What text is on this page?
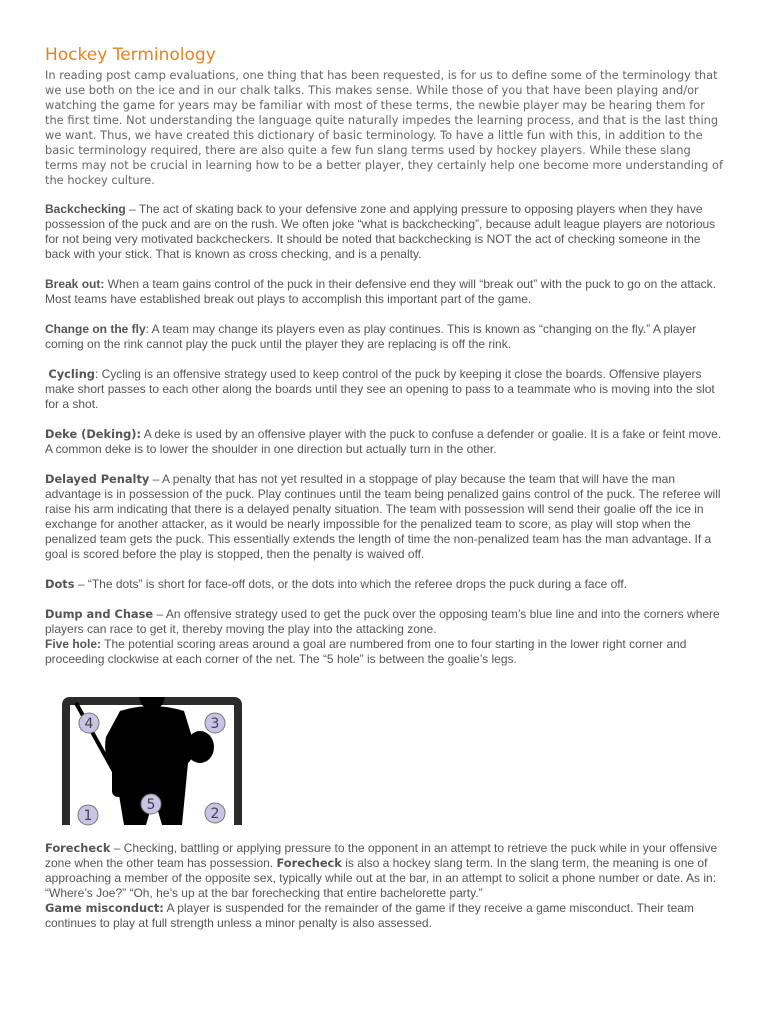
Hockey Terminology

In reading post camp evaluations, one thing that has been requested, is for us to define some of the terminology that we use both on the ice and in our chalk talks. This makes sense. While those of you that have been playing and/or watching the game for years may be familiar with most of these terms, the newbie player may be hearing them for the first time. Not understanding the language quite naturally impedes the learning process, and that is the last thing we want. Thus, we have created this dictionary of basic terminology. To have a little fun with this, in addition to the basic terminology required, there are also quite a few fun slang terms used by hockey players. While these slang terms may not be crucial in learning how to be a better player, they certainly help one become more understanding of the hockey culture.

Backchecking – The act of skating back to your defensive zone and applying pressure to opposing players when they have possession of the puck and are on the rush. We often joke “what is backchecking”, because adult league players are notorious for not being very motivated backcheckers. It should be noted that backchecking is NOT the act of checking someone in the back with your stick. That is known as cross checking, and is a penalty.

Break out: When a team gains control of the puck in their defensive end they will “break out” with the puck to go on the attack. Most teams have established break out plays to accomplish this important part of the game.

Change on the fly: A team may change its players even as play continues. This is known as “changing on the fly.” A player coming on the rink cannot play the puck until the player they are replacing is off the rink.

Cycling: Cycling is an offensive strategy used to keep control of the puck by keeping it close the boards. Offensive players make short passes to each other along the boards until they see an opening to pass to a teammate who is moving into the slot for a shot.

Deke (Deking): A deke is used by an offensive player with the puck to confuse a defender or goalie. It is a fake or feint move. A common deke is to lower the shoulder in one direction but actually turn in the other.

Delayed Penalty – A penalty that has not yet resulted in a stoppage of play because the team that will have the man advantage is in possession of the puck. Play continues until the team being penalized gains control of the puck. The referee will raise his arm indicating that there is a delayed penalty situation. The team with possession will send their goalie off the ice in exchange for another attacker, as it would be nearly impossible for the penalized team to score, as play will stop when the penalized team gets the puck. This essentially extends the length of time the non-penalized team has the man advantage. If a goal is scored before the play is stopped, then the penalty is waived off.

Dots – “The dots” is short for face-off dots, or the dots into which the referee drops the puck during a face off.

Dump and Chase – An offensive strategy used to get the puck over the opposing team’s blue line and into the corners where players can race to get it, thereby moving the play into the attacking zone.

Five hole: The potential scoring areas around a goal are numbered from one to four starting in the lower right corner and proceeding clockwise at each corner of the net. The “5 hole” is between the goalie’s legs.

1	2
3
4
5

Forecheck – Checking, battling or applying pressure to the opponent in an attempt to retrieve the puck while in your offensive zone when the other team has possession. Forecheck is also a hockey slang term. In the slang term, the meaning is one of approaching a member of the opposite sex, typically while out at the bar, in an attempt to solicit a phone number or date. As in: “Where’s Joe?” “Oh, he’s up at the bar forechecking that entire bachelorette party.”

Game misconduct: A player is suspended for the remainder of the game if they receive a game misconduct. Their team continues to play at full strength unless a minor penalty is also assessed.
